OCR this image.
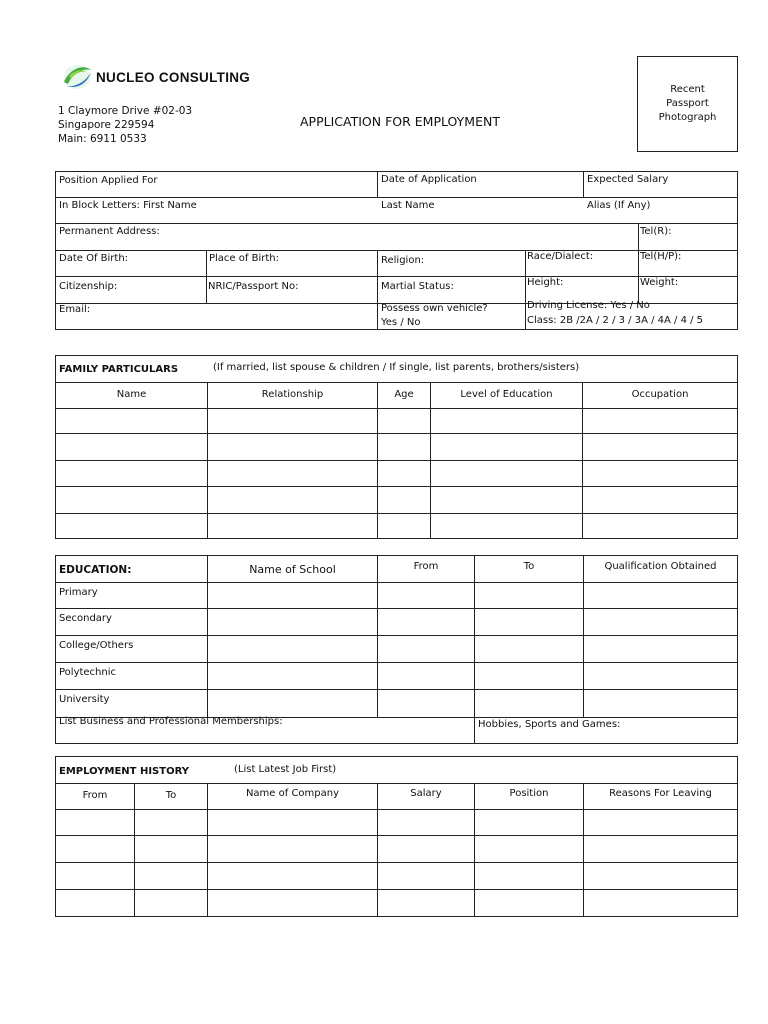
NUCLEO CONSULTING
1 Claymore Drive #02-03
Singapore 229594
Main: 6911 0533
APPLICATION FOR EMPLOYMENT
Recent
Passport
Photograph
Position Applied For	Date of Application	Expected Salary
In Block Letters: First Name	Last Name	Alias (If Any)
Permanent Address:	Tel(R):
Date Of Birth:	Place of Birth:	Religion:	Race/Dialect:	Tel(H/P):
Citizenship:	NRIC/Passport No:	Martial Status:	Height:	Weight:
Email:	Possess own vehicle?
Yes / No
Driving License: Yes / No
Class: 2B /2A / 2 / 3 / 3A / 4A / 4 / 5
FAMILY PARTICULARS	(If married, list spouse & children / If single, list parents, brothers/sisters)
Name	Relationship	Age	Level of Education	Occupation
EDUCATION:	Name of School	From	To	Qualification Obtained
Primary
Secondary
College/Others
Polytechnic
University
List Business and Professional Memberships:	Hobbies, Sports and Games:
EMPLOYMENT HISTORY	(List Latest Job First)
From	To	Name of Company	Salary	Position	Reasons For Leaving
